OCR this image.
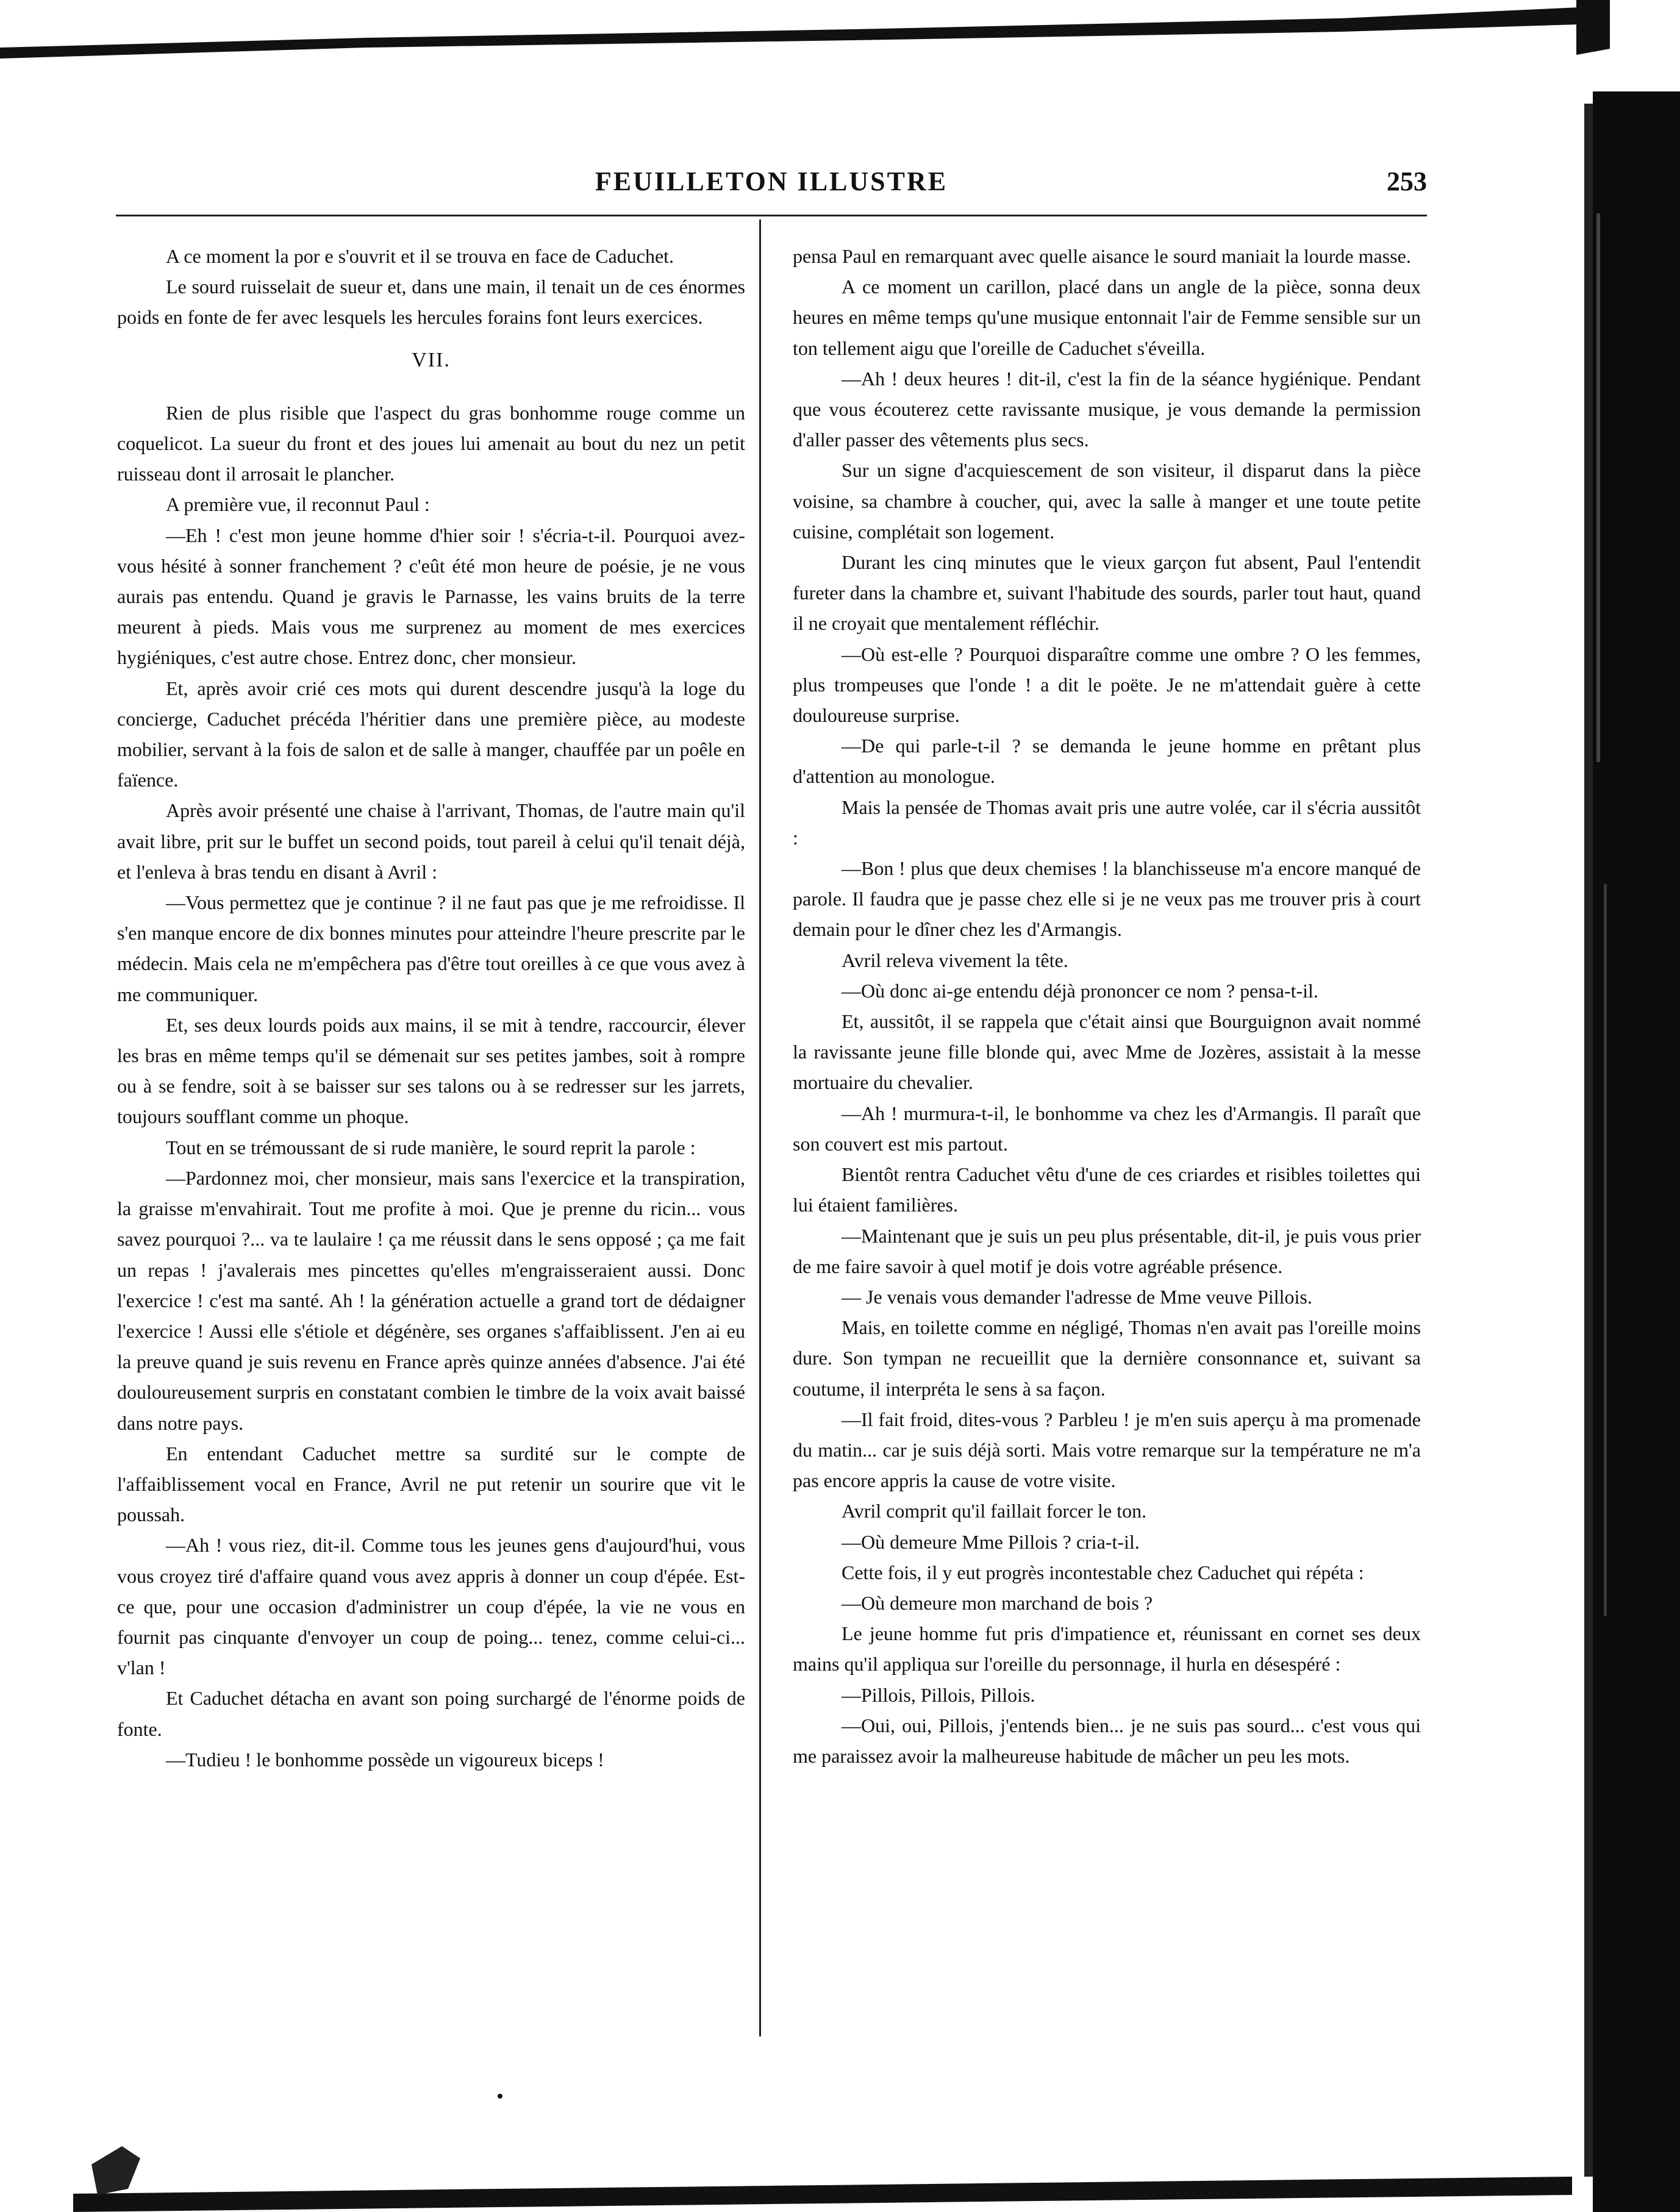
FEUILLETON ILLUSTRE	253

A ce moment la por e s'ouvrit et il se trouva en face de Caduchet.

Le sourd ruisselait de sueur et, dans une main, il tenait un de ces énormes poids en fonte de fer avec lesquels les hercules forains font leurs exercices.

VII.

Rien de plus risible que l'aspect du gras bonhomme rouge comme un coquelicot. La sueur du front et des joues lui amenait au bout du nez un petit ruisseau dont il arrosait le plancher.

A première vue, il reconnut Paul :

—Eh ! c'est mon jeune homme d'hier soir ! s'écria-t-il. Pourquoi avez-vous hésité à sonner franchement ? c'eût été mon heure de poésie, je ne vous aurais pas entendu. Quand je gravis le Parnasse, les vains bruits de la terre meurent à pieds. Mais vous me surprenez au moment de mes exercices hygiéniques, c'est autre chose. Entrez donc, cher monsieur.

Et, après avoir crié ces mots qui durent descendre jusqu'à la loge du concierge, Caduchet précéda l'héritier dans une première pièce, au modeste mobilier, servant à la fois de salon et de salle à manger, chauffée par un poêle en faïence.

Après avoir présenté une chaise à l'arrivant, Thomas, de l'autre main qu'il avait libre, prit sur le buffet un second poids, tout pareil à celui qu'il tenait déjà, et l'enleva à bras tendu en disant à Avril :

—Vous permettez que je continue ? il ne faut pas que je me refroidisse. Il s'en manque encore de dix bonnes minutes pour atteindre l'heure prescrite par le médecin. Mais cela ne m'empêchera pas d'être tout oreilles à ce que vous avez à me communiquer.

Et, ses deux lourds poids aux mains, il se mit à tendre, raccourcir, élever les bras en même temps qu'il se démenait sur ses petites jambes, soit à rompre ou à se fendre, soit à se baisser sur ses talons ou à se redresser sur les jarrets, toujours soufflant comme un phoque.

Tout en se trémoussant de si rude manière, le sourd reprit la parole :

—Pardonnez moi, cher monsieur, mais sans l'exercice et la transpiration, la graisse m'envahirait. Tout me profite à moi. Que je prenne du ricin... vous savez pourquoi ?... va te laulaire ! ça me réussit dans le sens opposé ; ça me fait un repas ! j'avalerais mes pincettes qu'elles m'engraisseraient aussi. Donc l'exercice ! c'est ma santé. Ah ! la génération actuelle a grand tort de dédaigner l'exercice ! Aussi elle s'étiole et dégénère, ses organes s'affaiblissent. J'en ai eu la preuve quand je suis revenu en France après quinze années d'absence. J'ai été douloureusement surpris en constatant combien le timbre de la voix avait baissé dans notre pays.

En entendant Caduchet mettre sa surdité sur le compte de l'affaiblissement vocal en France, Avril ne put retenir un sourire que vit le poussah.

—Ah ! vous riez, dit-il. Comme tous les jeunes gens d'aujourd'hui, vous vous croyez tiré d'affaire quand vous avez appris à donner un coup d'épée. Est-ce que, pour une occasion d'administrer un coup d'épée, la vie ne vous en fournit pas cinquante d'envoyer un coup de poing... tenez, comme celui-ci... v'lan !

Et Caduchet détacha en avant son poing surchargé de l'énorme poids de fonte.

—Tudieu ! le bonhomme possède un vigoureux biceps !

pensa Paul en remarquant avec quelle aisance le sourd maniait la lourde masse.

A ce moment un carillon, placé dans un angle de la pièce, sonna deux heures en même temps qu'une musique entonnait l'air de Femme sensible sur un ton tellement aigu que l'oreille de Caduchet s'éveilla.

—Ah ! deux heures ! dit-il, c'est la fin de la séance hygiénique. Pendant que vous écouterez cette ravissante musique, je vous demande la permission d'aller passer des vêtements plus secs.

Sur un signe d'acquiescement de son visiteur, il disparut dans la pièce voisine, sa chambre à coucher, qui, avec la salle à manger et une toute petite cuisine, complétait son logement.

Durant les cinq minutes que le vieux garçon fut absent, Paul l'entendit fureter dans la chambre et, suivant l'habitude des sourds, parler tout haut, quand il ne croyait que mentalement réfléchir.

—Où est-elle ? Pourquoi disparaître comme une ombre ? O les femmes, plus trompeuses que l'onde ! a dit le poëte. Je ne m'attendait guère à cette douloureuse surprise.

—De qui parle-t-il ? se demanda le jeune homme en prêtant plus d'attention au monologue.

Mais la pensée de Thomas avait pris une autre volée, car il s'écria aussitôt :

—Bon ! plus que deux chemises ! la blanchisseuse m'a encore manqué de parole. Il faudra que je passe chez elle si je ne veux pas me trouver pris à court demain pour le dîner chez les d'Armangis.

Avril releva vivement la tête.

—Où donc ai-ge entendu déjà prononcer ce nom ? pensa-t-il.

Et, aussitôt, il se rappela que c'était ainsi que Bourguignon avait nommé la ravissante jeune fille blonde qui, avec Mme de Jozères, assistait à la messe mortuaire du chevalier.

—Ah ! murmura-t-il, le bonhomme va chez les d'Armangis. Il paraît que son couvert est mis partout.

Bientôt rentra Caduchet vêtu d'une de ces criardes et risibles toilettes qui lui étaient familières.

—Maintenant que je suis un peu plus présentable, dit-il, je puis vous prier de me faire savoir à quel motif je dois votre agréable présence.

— Je venais vous demander l'adresse de Mme veuve Pillois.

Mais, en toilette comme en négligé, Thomas n'en avait pas l'oreille moins dure. Son tympan ne recueillit que la dernière consonnance et, suivant sa coutume, il interpréta le sens à sa façon.

—Il fait froid, dites-vous ? Parbleu ! je m'en suis aperçu à ma promenade du matin... car je suis déjà sorti. Mais votre remarque sur la température ne m'a pas encore appris la cause de votre visite.

Avril comprit qu'il faillait forcer le ton.

—Où demeure Mme Pillois ? cria-t-il.

Cette fois, il y eut progrès incontestable chez Caduchet qui répéta :

—Où demeure mon marchand de bois ?

Le jeune homme fut pris d'impatience et, réunissant en cornet ses deux mains qu'il appliqua sur l'oreille du personnage, il hurla en désespéré :

—Pillois, Pillois, Pillois.

—Oui, oui, Pillois, j'entends bien... je ne suis pas sourd... c'est vous qui me paraissez avoir la malheureuse habitude de mâcher un peu les mots.
